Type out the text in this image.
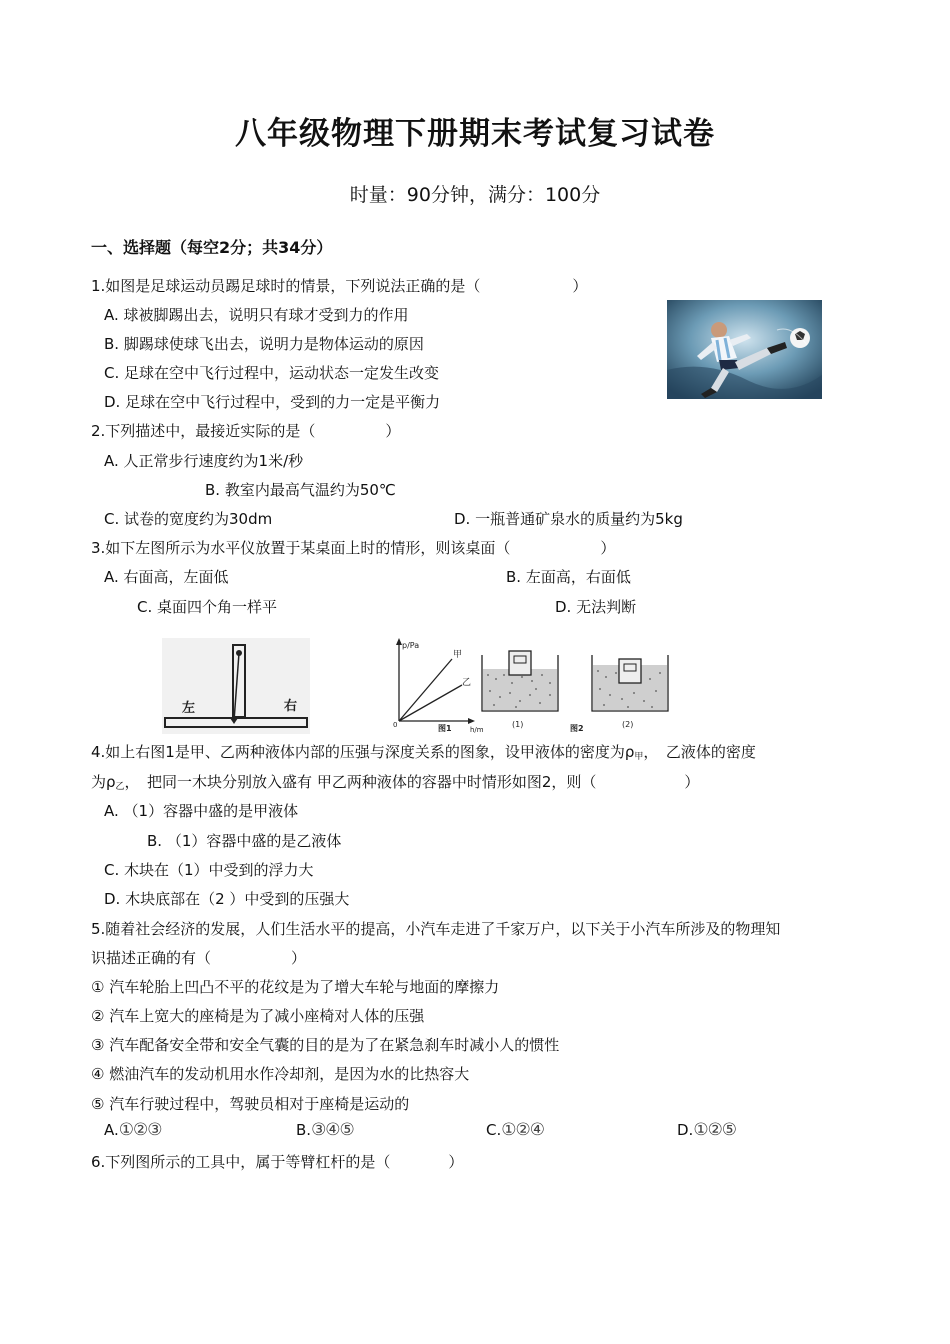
八年级物理下册期末考试复习试卷
时量：90分钟，满分：100分
一、选择题（每空2分；共34分）
1.如图是足球运动员踢足球时的情景，下列说法正确的是（	）
A. 球被脚踢出去，说明只有球才受到力的作用
B. 脚踢球使球飞出去，说明力是物体运动的原因
C. 足球在空中飞行过程中，运动状态一定发生改变
D. 足球在空中飞行过程中，受到的力一定是平衡力
2.下列描述中，最接近实际的是（	）
A. 人正常步行速度约为1米/秒
B. 教室内最高气温约为50℃
C. 试卷的宽度约为30dm	D. 一瓶普通矿泉水的质量约为5kg
3.如下左图所示为水平仪放置于某桌面上时的情形，则该桌面（	）
A. 右面高，左面低	B. 左面高，右面低
C. 桌面四个角一样平	D. 无法判断
左	右
p/Pa
h/m
0
甲
乙
图1	(1)	图2	(2)
4.如上右图1是甲、乙两种液体内部的压强与深度关系的图象，设甲液体的密度为$\rho_甲$，　乙液体的密度
为$\rho_乙$，　把同一木块分别放入盛有 甲乙两种液体的容器中时情形如图2，则（	）
A. （1）容器中盛的是甲液体
B. （1）容器中盛的是乙液体
C. 木块在（1）中受到的浮力大
D. 木块底部在（2 ）中受到的压强大
5.随着社会经济的发展，人们生活水平的提高，小汽车走进了千家万户，以下关于小汽车所涉及的物理知
识描述正确的有（	）
① 汽车轮胎上凹凸不平的花纹是为了增大车轮与地面的摩擦力
② 汽车上宽大的座椅是为了减小座椅对人体的压强
③ 汽车配备安全带和安全气囊的目的是为了在紧急刹车时减小人的惯性
④ 燃油汽车的发动机用水作冷却剂，是因为水的比热容大
⑤ 汽车行驶过程中，驾驶员相对于座椅是运动的
A.①②③	B.③④⑤	C.①②④	D.①②⑤
6.下列图所示的工具中，属于等臂杠杆的是（	）
